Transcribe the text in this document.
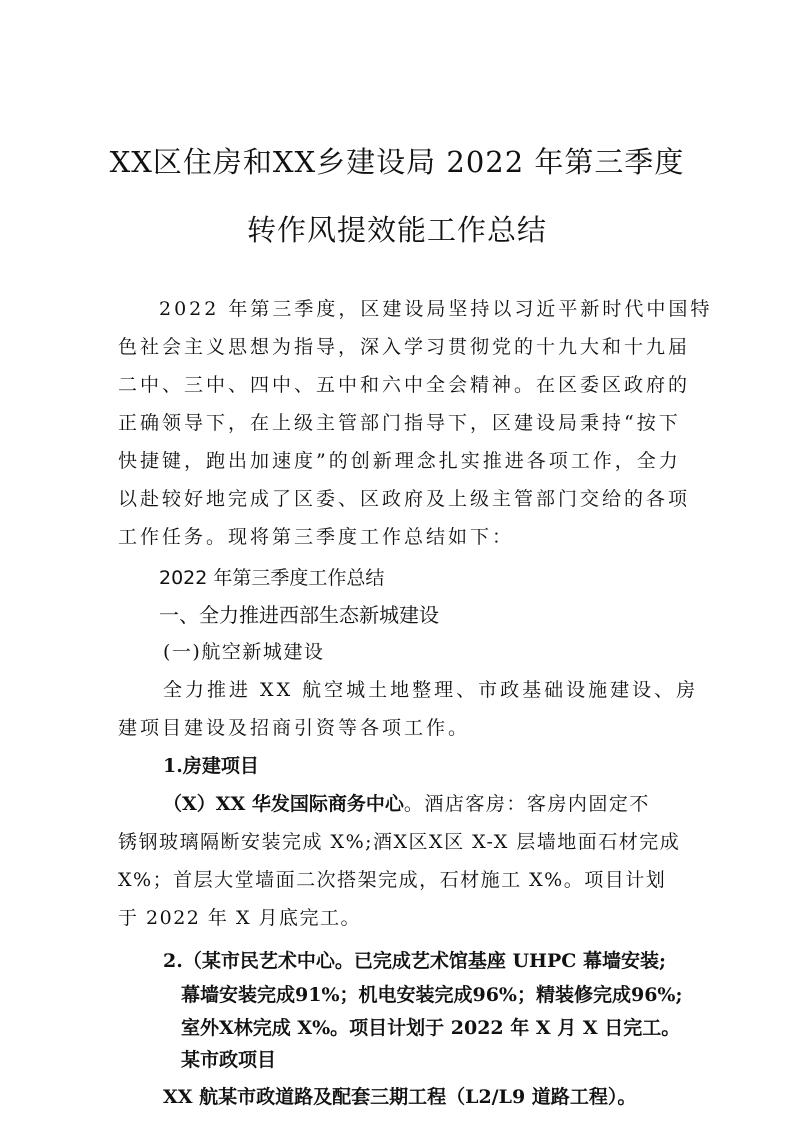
XX区住房和XX乡建设局 2022 年第三季度
转作风提效能工作总结
2022 年第三季度，区建设局坚持以习近平新时代中国特
色社会主义思想为指导，深入学习贯彻党的十九大和十九届
二中、三中、四中、五中和六中全会精神。在区委区政府的
正确领导下，在上级主管部门指导下，区建设局秉持“按下
快捷键，跑出加速度”的创新理念扎实推进各项工作，全力
以赴较好地完成了区委、区政府及上级主管部门交给的各项
工作任务。现将第三季度工作总结如下：
2022 年第三季度工作总结
一、全力推进西部生态新城建设
(一)航空新城建设
全力推进 XX 航空城土地整理、市政基础设施建设、房
建项目建设及招商引资等各项工作。
1.房建项目
（X）XX 华发国际商务中心。酒店客房：客房内固定不
锈钢玻璃隔断安装完成 X%;酒X区X区 X-X 层墙地面石材完成
X%；首层大堂墙面二次搭架完成，石材施工 X%。项目计划
于 2022 年 X 月底完工。
2.（某市民艺术中心。已完成艺术馆基座 UHPC 幕墙安装;
幕墙安装完成91%；机电安装完成96%；精装修完成96%;
室外X林完成 X%。项目计划于 2022 年 X 月 X 日完工。
某市政项目
XX 航某市政道路及配套三期工程（L2/L9 道路工程）。
